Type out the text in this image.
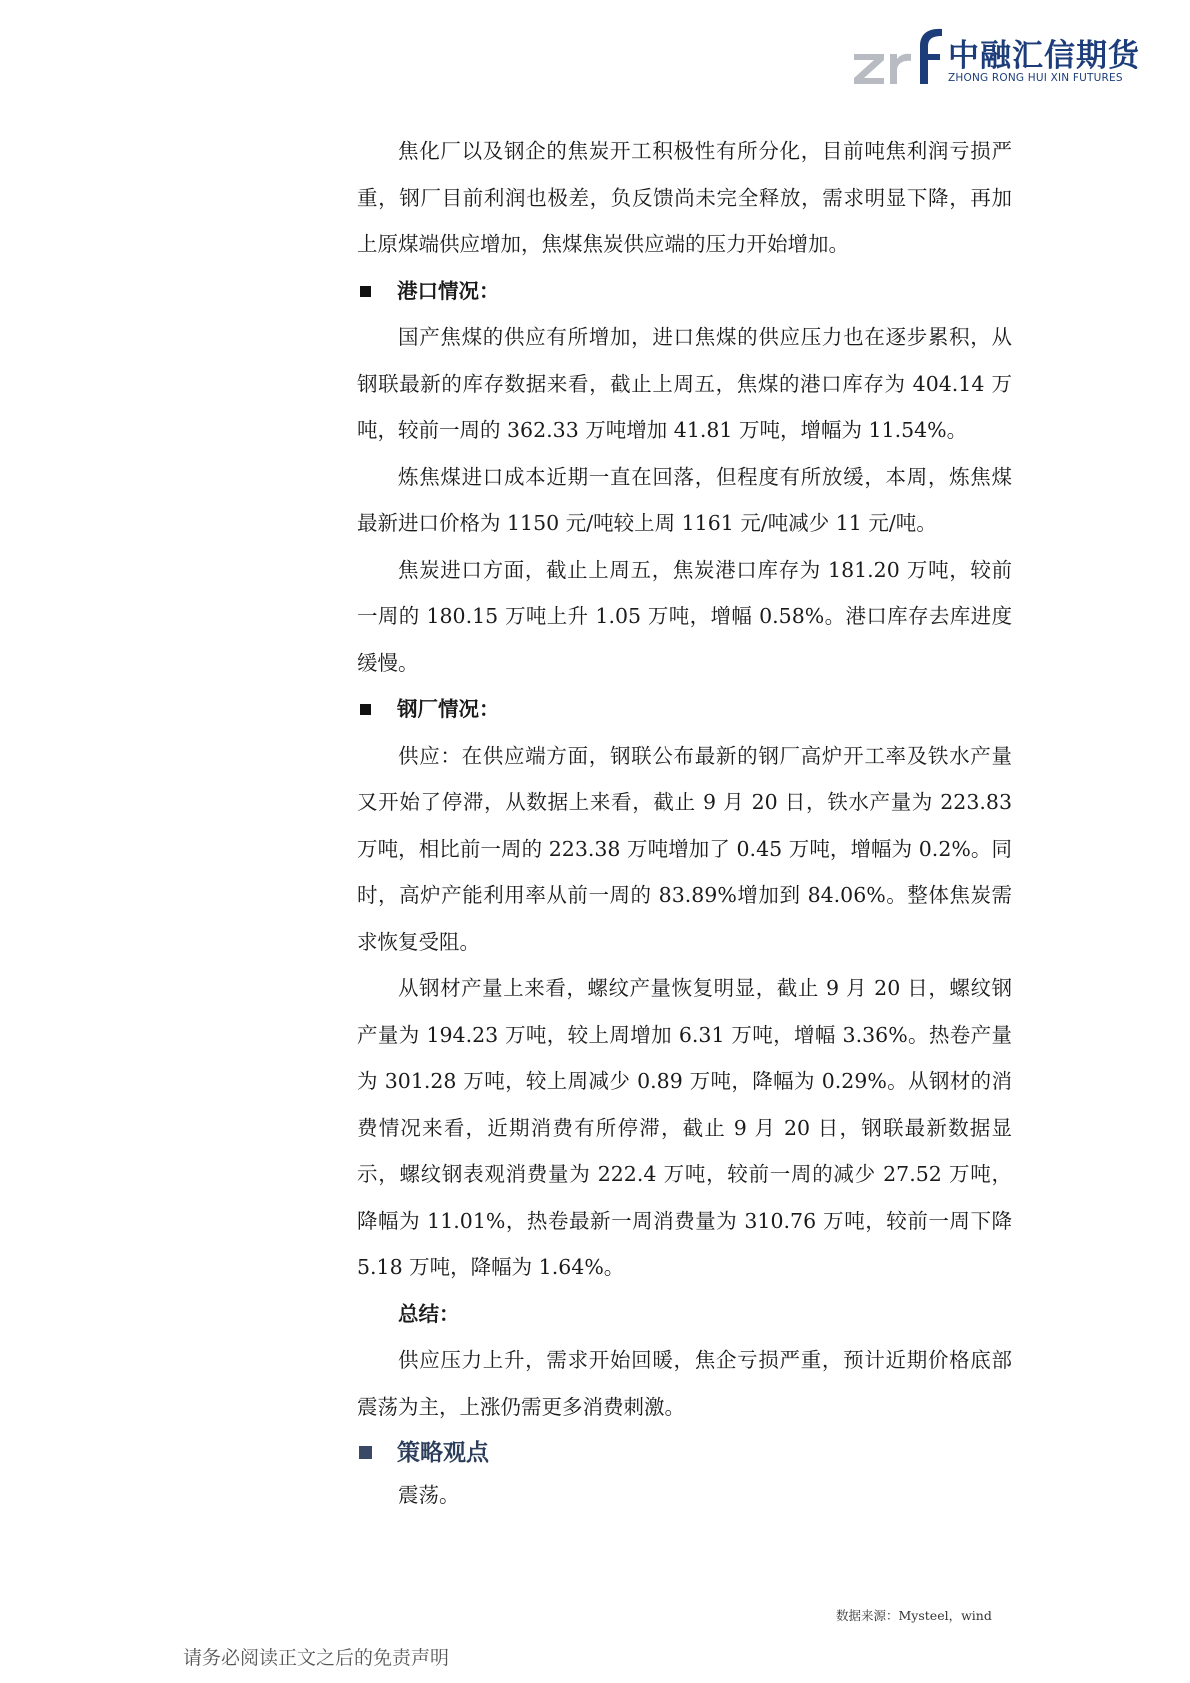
中融汇信期货
ZHONG RONG HUI XIN FUTURES

焦化厂以及钢企的焦炭开工积极性有所分化，目前吨焦利润亏损严重，钢厂目前利润也极差，负反馈尚未完全释放，需求明显下降，再加上原煤端供应增加，焦煤焦炭供应端的压力开始增加。

港口情况：

国产焦煤的供应有所增加，进口焦煤的供应压力也在逐步累积，从钢联最新的库存数据来看，截止上周五，焦煤的港口库存为 404.14 万吨，较前一周的 362.33 万吨增加 41.81 万吨，增幅为 11.54%。

炼焦煤进口成本近期一直在回落，但程度有所放缓，本周，炼焦煤最新进口价格为 1150 元/吨较上周 1161 元/吨减少 11 元/吨。

焦炭进口方面，截止上周五，焦炭港口库存为 181.20 万吨，较前一周的 180.15 万吨上升 1.05 万吨，增幅 0.58%。港口库存去库进度缓慢。

钢厂情况：

供应：在供应端方面，钢联公布最新的钢厂高炉开工率及铁水产量又开始了停滞，从数据上来看，截止 9 月 20 日，铁水产量为 223.83 万吨，相比前一周的 223.38 万吨增加了 0.45 万吨，增幅为 0.2%。同时，高炉产能利用率从前一周的 83.89%增加到 84.06%。整体焦炭需求恢复受阻。

从钢材产量上来看，螺纹产量恢复明显，截止 9 月 20 日，螺纹钢产量为 194.23 万吨，较上周增加 6.31 万吨，增幅 3.36%。热卷产量为 301.28 万吨，较上周减少 0.89 万吨，降幅为 0.29%。从钢材的消费情况来看，近期消费有所停滞，截止 9 月 20 日，钢联最新数据显示，螺纹钢表观消费量为 222.4 万吨，较前一周的减少 27.52 万吨，降幅为 11.01%，热卷最新一周消费量为 310.76 万吨，较前一周下降 5.18 万吨，降幅为 1.64%。

总结：

供应压力上升，需求开始回暖，焦企亏损严重，预计近期价格底部震荡为主，上涨仍需更多消费刺激。

策略观点

震荡。

数据来源：Mysteel，wind
请务必阅读正文之后的免责声明
